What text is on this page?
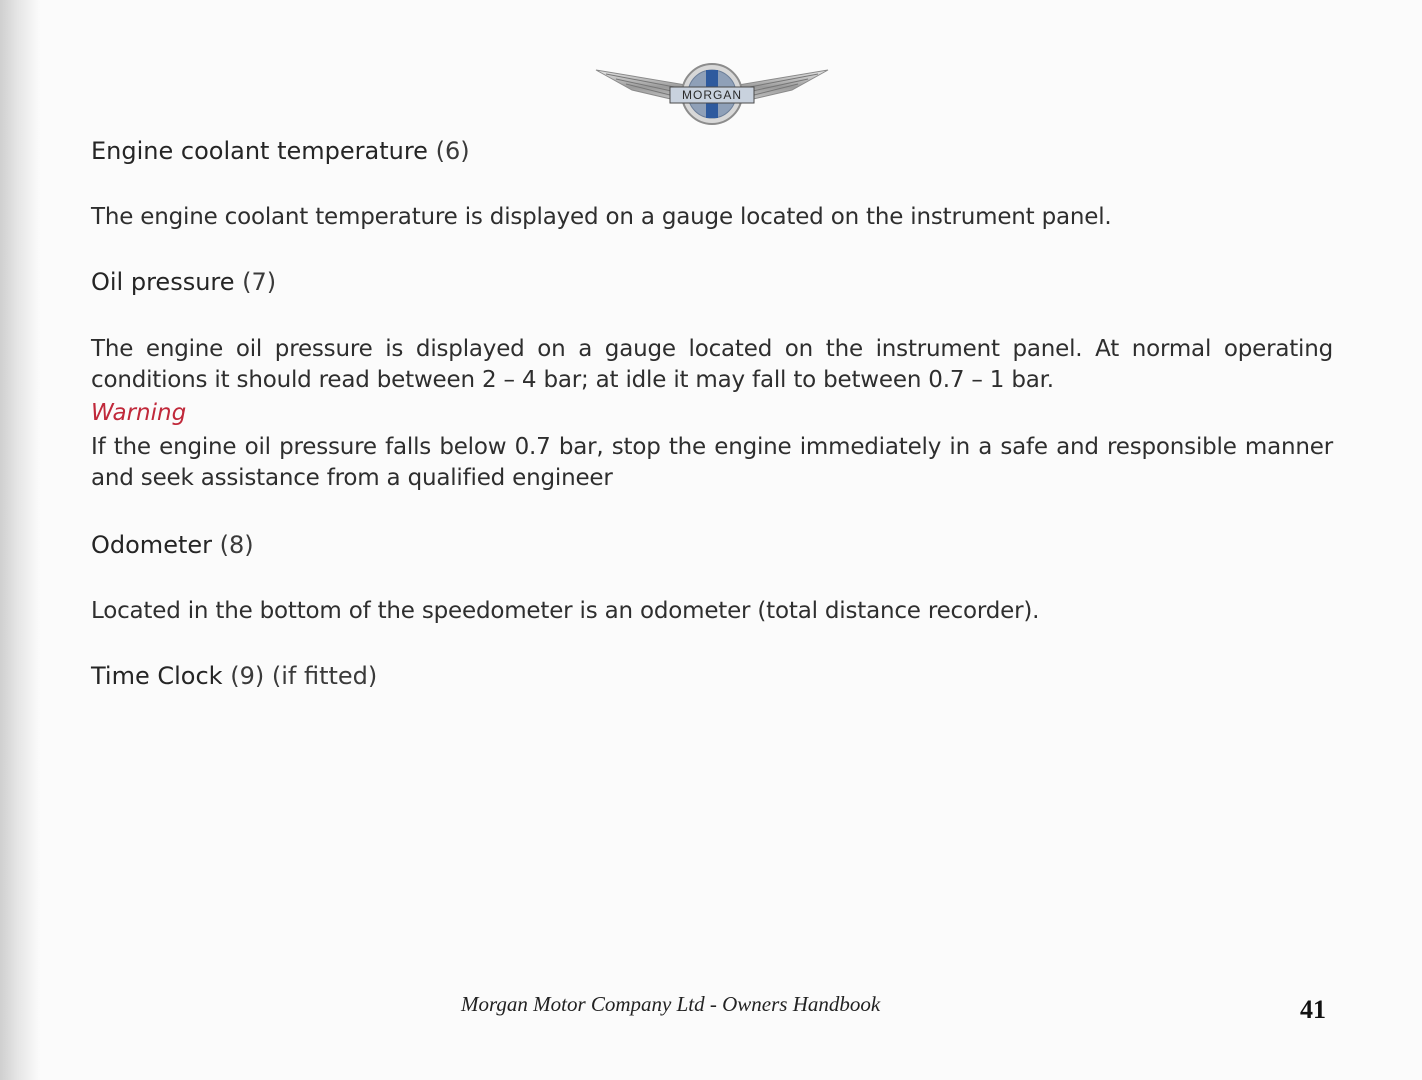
MORGAN
Engine coolant temperature (6)
The engine coolant temperature is displayed on a gauge located on the instrument panel.
Oil pressure (7)
The engine oil pressure is displayed on a gauge located on the instrument panel. At normal operating conditions it should read between 2 – 4 bar; at idle it may fall to between 0.7 – 1 bar.
Warning
If the engine oil pressure falls below 0.7 bar, stop the engine immediately in a safe and responsible manner and seek assistance from a qualified engineer
Odometer (8)
Located in the bottom of the speedometer is an odometer (total distance recorder).
Time Clock (9) (if fitted)
Morgan Motor Company Ltd - Owners Handbook	41
